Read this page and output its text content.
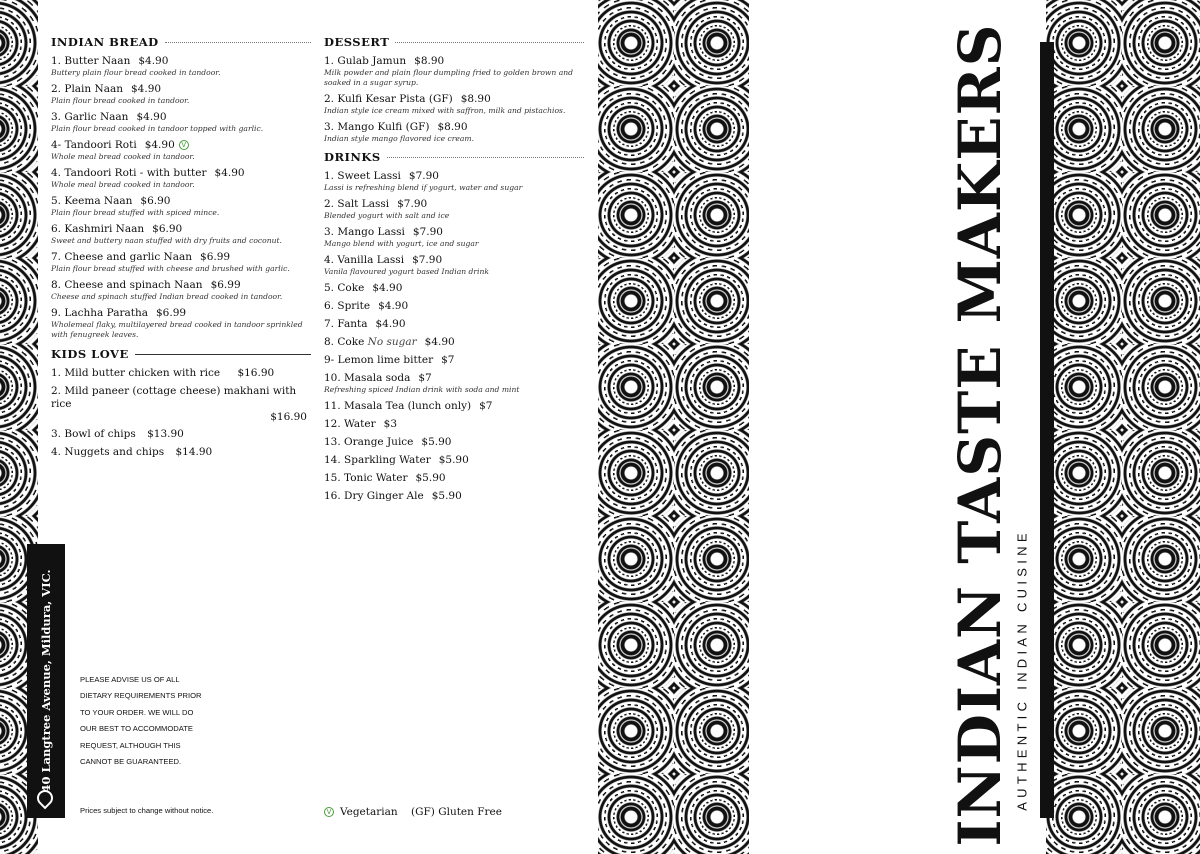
INDIAN BREAD
1. Butter Naan $4.90
Buttery plain flour bread cooked in tandoor.
2. Plain Naan $4.90
Plain flour bread cooked in tandoor.
3. Garlic Naan $4.90
Plain flour bread cooked in tandoor topped with garlic.
4- Tandoori Roti $4.90 V
Whole meal bread cooked in tandoor.
4. Tandoori Roti - with butter $4.90
Whole meal bread cooked in tandoor.
5. Keema Naan $6.90
Plain flour bread stuffed with spiced mince.
6. Kashmiri Naan $6.90
Sweet and buttery naan stuffed with dry fruits and coconut.
7. Cheese and garlic Naan $6.99
Plain flour bread stuffed with cheese and brushed with garlic.
8. Cheese and spinach Naan $6.99
Cheese and spinach stuffed Indian bread cooked in tandoor.
9. Lachha Paratha $6.99
Wholemeal flaky, multilayered bread cooked in tandoor sprinkled with fenugreek leaves.
KIDS LOVE
1. Mild butter chicken with rice $16.90
2. Mild paneer (cottage cheese) makhani with rice
$16.90
3. Bowl of chips $13.90
4. Nuggets and chips $14.90
DESSERT
1. Gulab Jamun $8.90
Milk powder and plain flour dumpling fried to golden brown and soaked in a sugar syrup.
2. Kulfi Kesar Pista (GF) $8.90
Indian style ice cream mixed with saffron, milk and pistachios.
3. Mango Kulfi (GF) $8.90
Indian style mango flavored ice cream.
DRINKS
1. Sweet Lassi $7.90
Lassi is refreshing blend if yogurt, water and sugar
2. Salt Lassi $7.90
Blended yogurt with salt and ice
3. Mango Lassi $7.90
Mango blend with yogurt, ice and sugar
4. Vanilla Lassi $7.90
Vanila flavoured yogurt based Indian drink
5. Coke $4.90
6. Sprite $4.90
7. Fanta $4.90
8. Coke No sugar $4.90
9- Lemon lime bitter $7
10. Masala soda $7
Refreshing spiced Indian drink with soda and mint
11. Masala Tea (lunch only) $7
12. Water $3
13. Orange Juice $5.90
14. Sparkling Water $5.90
15. Tonic Water $5.90
16. Dry Ginger Ale $5.90
40 Langtree Avenue, Mildura, VIC.	PLEASE ADVISE US OF ALL
DIETARY REQUIREMENTS PRIOR
TO YOUR ORDER. WE WILL DO
OUR BEST TO ACCOMMODATE
REQUEST, ALTHOUGH THIS
CANNOT BE GUARANTEED.
Prices subject to change without notice.	V Vegetarian (GF) Gluten Free	INDIAN TASTE MAKERS AUTHENTIC INDIAN CUISINE
